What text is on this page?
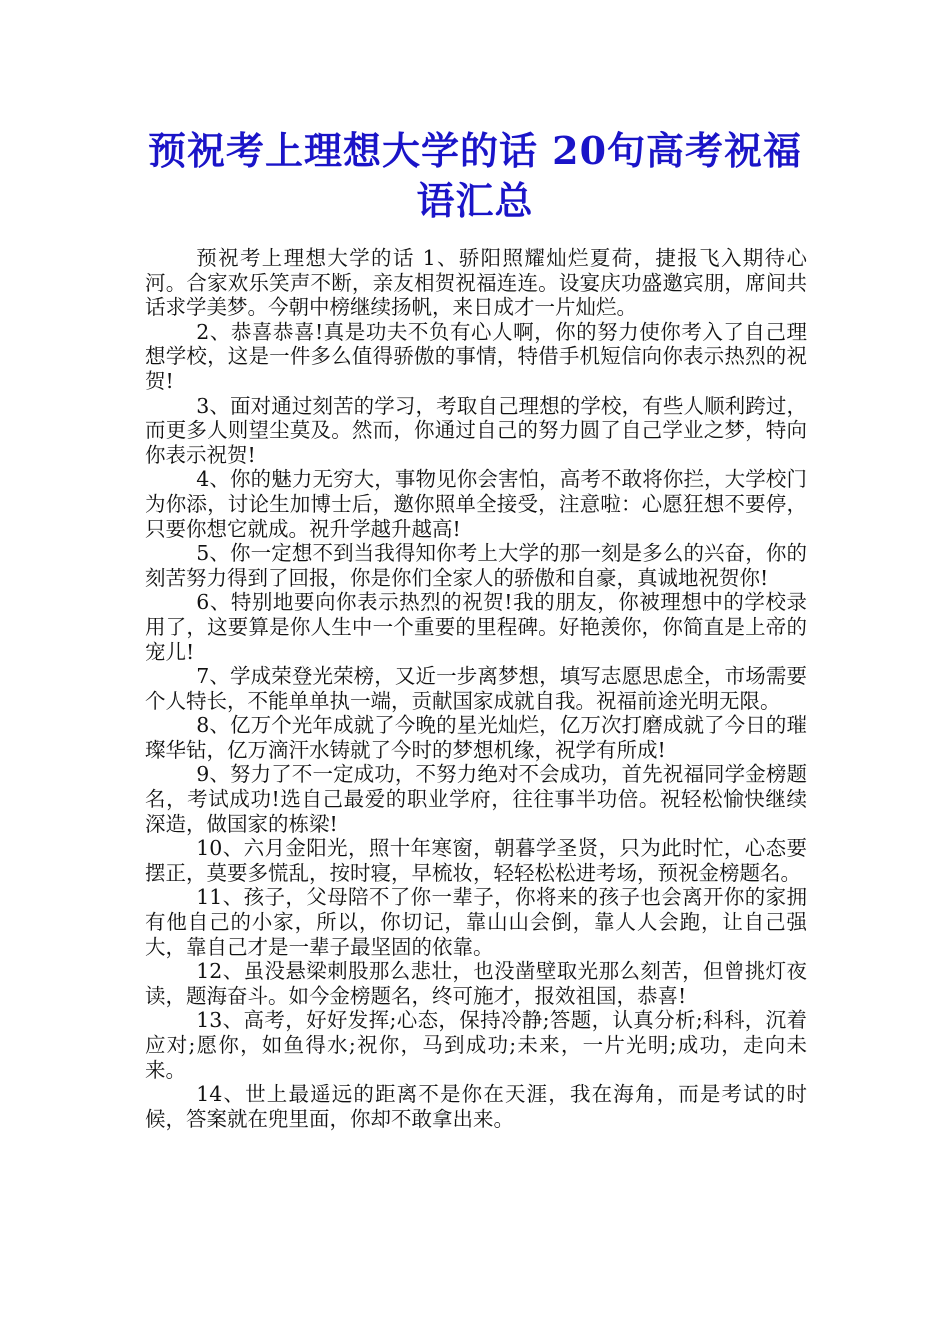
预祝考上理想大学的话 20句高考祝福语汇总

预祝考上理想大学的话 1、骄阳照耀灿烂夏荷，捷报飞入期待心河。合家欢乐笑声不断，亲友相贺祝福连连。设宴庆功盛邀宾朋，席间共话求学美梦。今朝中榜继续扬帆，来日成才一片灿烂。

2、恭喜恭喜!真是功夫不负有心人啊，你的努力使你考入了自己理想学校，这是一件多么值得骄傲的事情，特借手机短信向你表示热烈的祝贺!

3、面对通过刻苦的学习，考取自己理想的学校，有些人顺利跨过，而更多人则望尘莫及。然而，你通过自己的努力圆了自己学业之梦，特向你表示祝贺!

4、你的魅力无穷大，事物见你会害怕，高考不敢将你拦，大学校门为你添，讨论生加博士后，邀你照单全接受，注意啦：心愿狂想不要停，只要你想它就成。祝升学越升越高!

5、你一定想不到当我得知你考上大学的那一刻是多么的兴奋，你的刻苦努力得到了回报，你是你们全家人的骄傲和自豪，真诚地祝贺你!

6、特别地要向你表示热烈的祝贺!我的朋友，你被理想中的学校录用了，这要算是你人生中一个重要的里程碑。好艳羡你，你简直是上帝的宠儿!

7、学成荣登光荣榜，又近一步离梦想，填写志愿思虑全，市场需要个人特长，不能单单执一端，贡献国家成就自我。祝福前途光明无限。

8、亿万个光年成就了今晚的星光灿烂，亿万次打磨成就了今日的璀璨华钻，亿万滴汗水铸就了今时的梦想机缘，祝学有所成!

9、努力了不一定成功，不努力绝对不会成功，首先祝福同学金榜题名，考试成功!选自己最爱的职业学府，往往事半功倍。祝轻松愉快继续深造，做国家的栋梁!

10、六月金阳光，照十年寒窗，朝暮学圣贤，只为此时忙，心态要摆正，莫要多慌乱，按时寝，早梳妆，轻轻松松进考场，预祝金榜题名。

11、孩子，父母陪不了你一辈子，你将来的孩子也会离开你的家拥有他自己的小家，所以，你切记，靠山山会倒，靠人人会跑，让自己强大，靠自己才是一辈子最坚固的依靠。

12、虽没悬梁刺股那么悲壮，也没凿壁取光那么刻苦，但曾挑灯夜读，题海奋斗。如今金榜题名，终可施才，报效祖国，恭喜!

13、高考，好好发挥;心态，保持冷静;答题，认真分析;科科，沉着应对;愿你，如鱼得水;祝你，马到成功;未来，一片光明;成功，走向未来。

14、世上最遥远的距离不是你在天涯，我在海角，而是考试的时候，答案就在兜里面，你却不敢拿出来。
